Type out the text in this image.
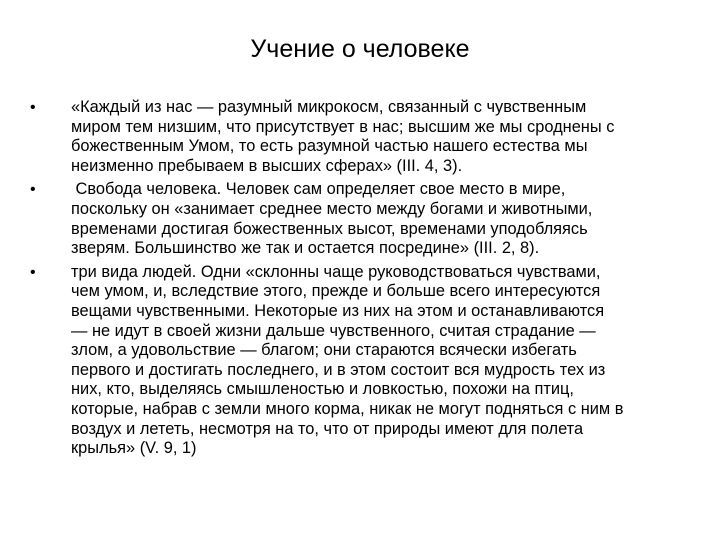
Учение о человеке
•	«Каждый из нас — разумный микрокосм, связанный с чувственным
миром тем низшим, что присутствует в нас; высшим же мы сроднены с
божественным Умом, то есть разумной частью нашего естества мы
неизменно пребываем в высших сферах» (III. 4, 3).
•	Свобода человека. Человек сам определяет свое место в мире,
поскольку он «занимает среднее место между богами и животными,
временами достигая божественных высот, временами уподобляясь
зверям. Большинство же так и остается посредине» (III. 2, 8).
•	три вида людей. Одни «склонны чаще руководствоваться чувствами,
чем умом, и, вследствие этого, прежде и больше всего интересуются
вещами чувственными. Некоторые из них на этом и останавливаются
— не идут в своей жизни дальше чувственного, считая страдание —
злом, а удовольствие — благом; они стараются всячески избегать
первого и достигать последнего, и в этом состоит вся мудрость тех из
них, кто, выделяясь смышленостью и ловкостью, похожи на птиц,
которые, набрав с земли много корма, никак не могут подняться с ним в
воздух и лететь, несмотря на то, что от природы имеют для полета
крылья» (V. 9, 1)
